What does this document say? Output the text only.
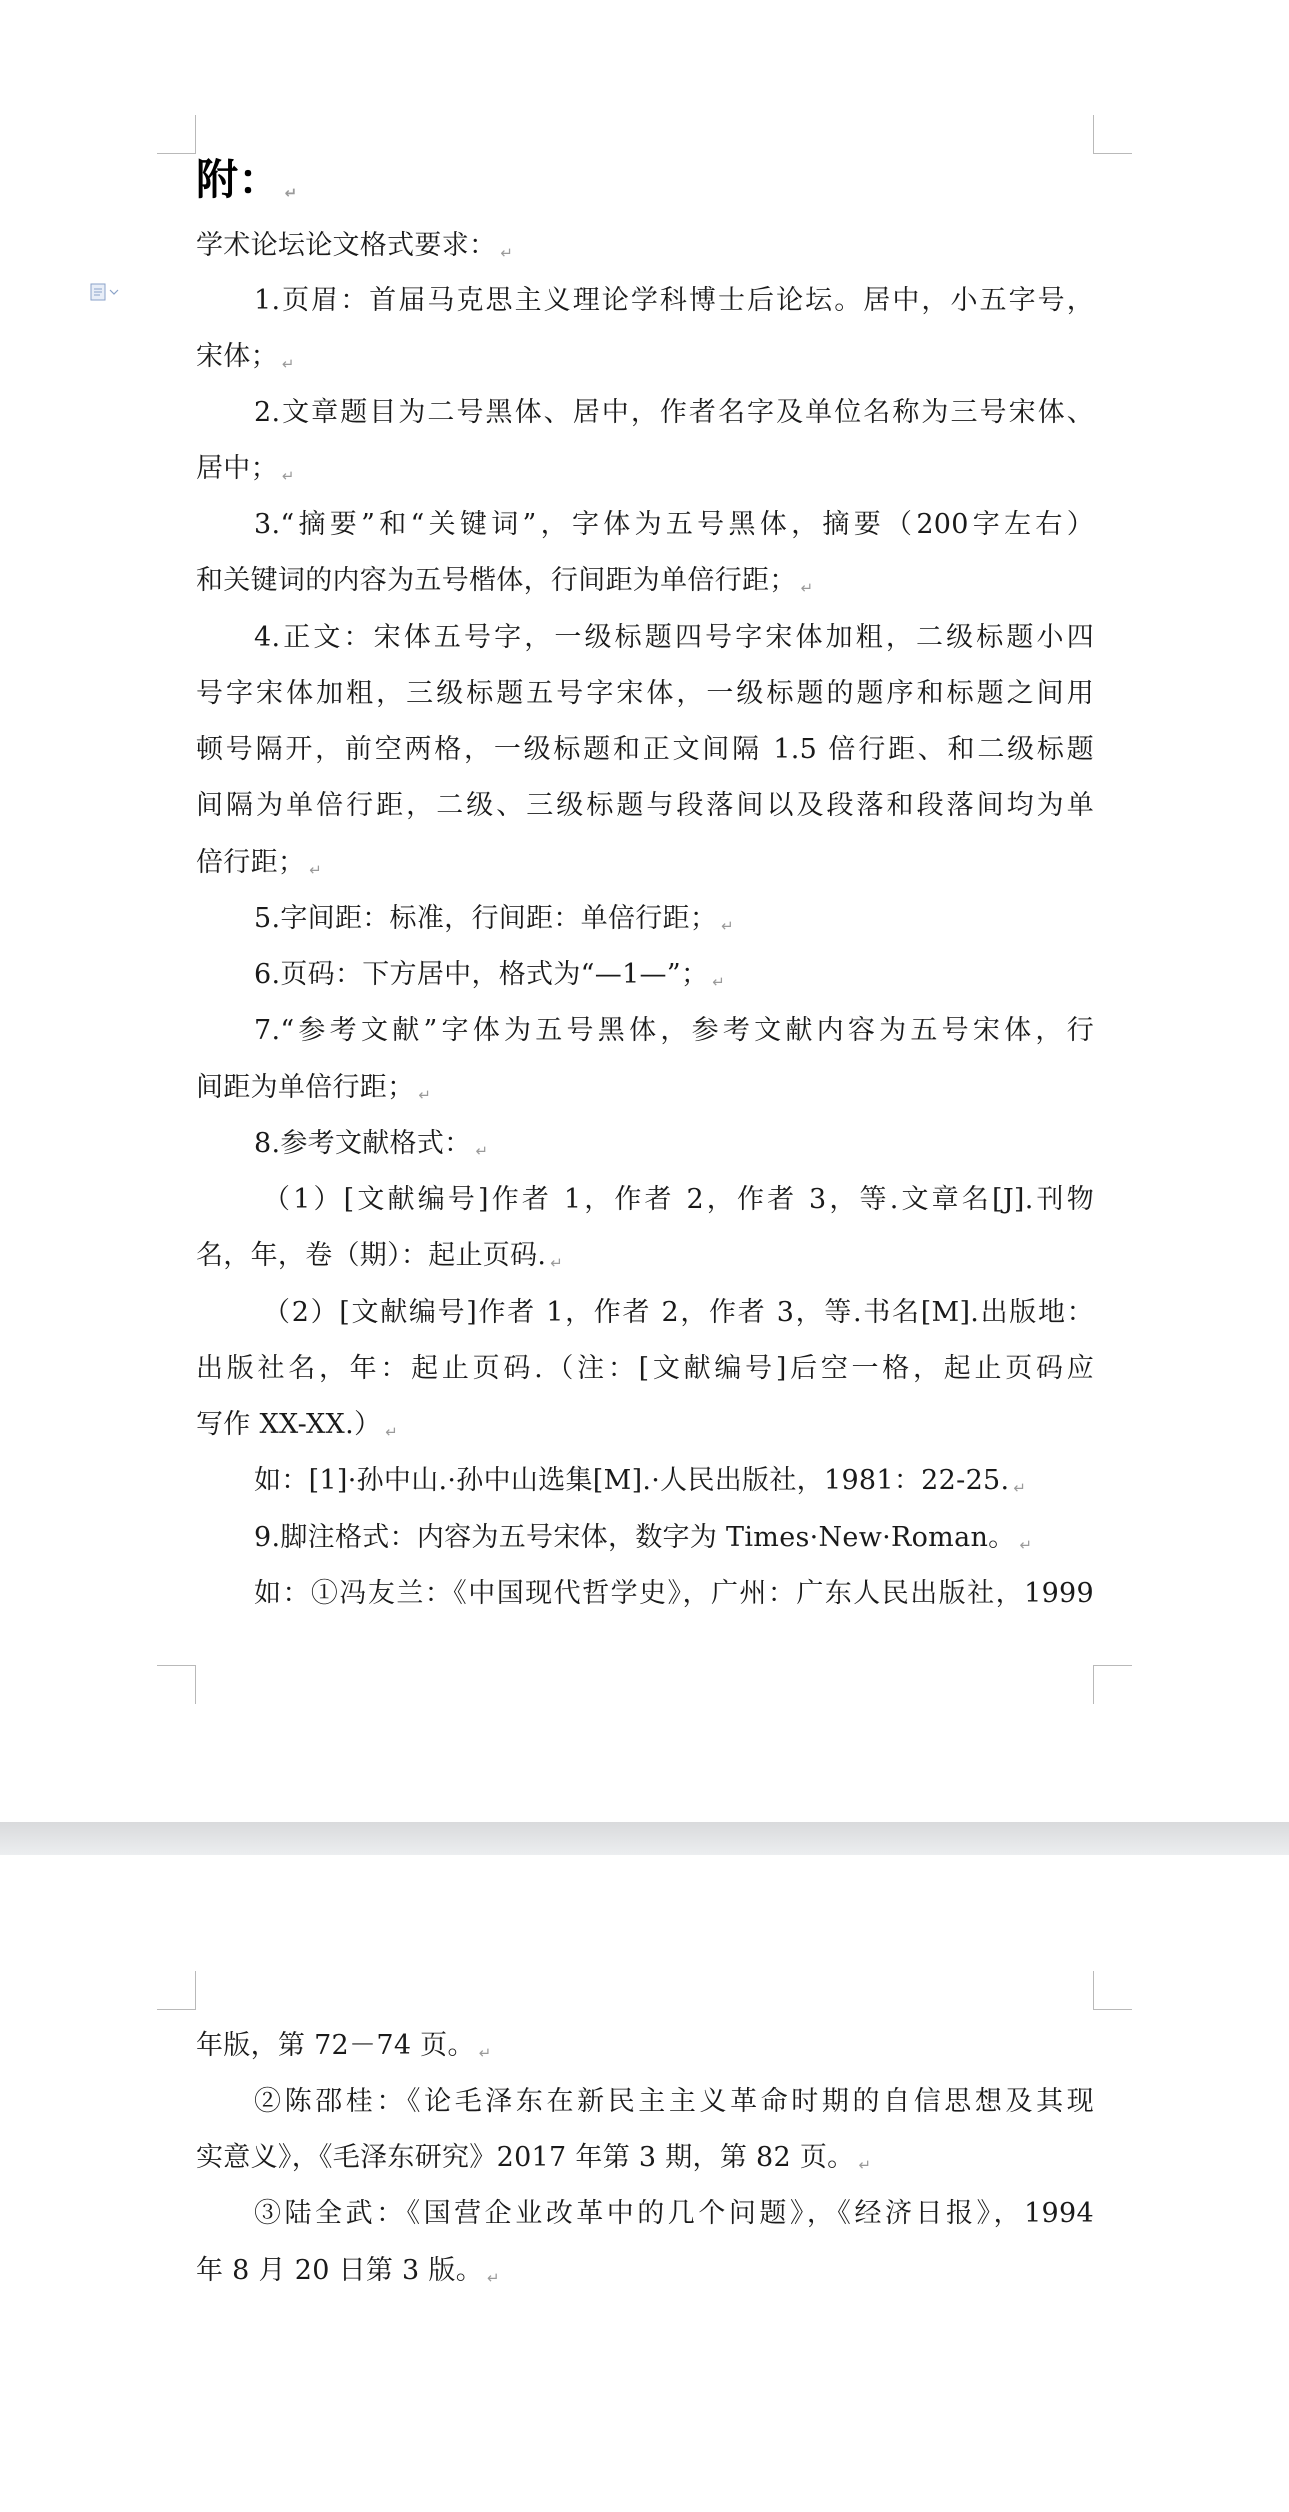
附： ↵
学术论坛论文格式要求： ↵
1.页眉：首届马克思主义理论学科博士后论坛。居中，小五字号，
宋体； ↵
2.文章题目为二号黑体、居中，作者名字及单位名称为三号宋体、
居中； ↵
3.“摘要”和“关键词”，字体为五号黑体，摘要（200字左右）
和关键词的内容为五号楷体，行间距为单倍行距； ↵
4.正文：宋体五号字，一级标题四号字宋体加粗，二级标题小四
号字宋体加粗，三级标题五号字宋体，一级标题的题序和标题之间用
顿号隔开，前空两格，一级标题和正文间隔 1.5 倍行距、和二级标题
间隔为单倍行距，二级、三级标题与段落间以及段落和段落间均为单
倍行距； ↵
5.字间距：标准，行间距：单倍行距； ↵
6.页码：下方居中，格式为“—1—”； ↵
7.“参考文献”字体为五号黑体，参考文献内容为五号宋体，行
间距为单倍行距； ↵
8.参考文献格式： ↵
（1）[文献编号]作者 1，作者 2，作者 3，等.文章名[J].刊物
名，年，卷（期）：起止页码. ↵
（2）[文献编号]作者 1，作者 2，作者 3，等.书名[M].出版地：
出版社名，年：起止页码.（注：[文献编号]后空一格，起止页码应
写作 XX-XX.） ↵
如：[1]·孙中山.·孙中山选集[M].·人民出版社，1981：22-25. ↵
9.脚注格式：内容为五号宋体，数字为 Times·New·Roman。 ↵
如：①冯友兰：《中国现代哲学史》，广州：广东人民出版社，1999
年版，第 72－74 页。 ↵
②陈邵桂：《论毛泽东在新民主主义革命时期的自信思想及其现
实意义》，《毛泽东研究》2017 年第 3 期，第 82 页。 ↵
③陆全武：《国营企业改革中的几个问题》，《经济日报》，1994
年 8 月 20 日第 3 版。 ↵
